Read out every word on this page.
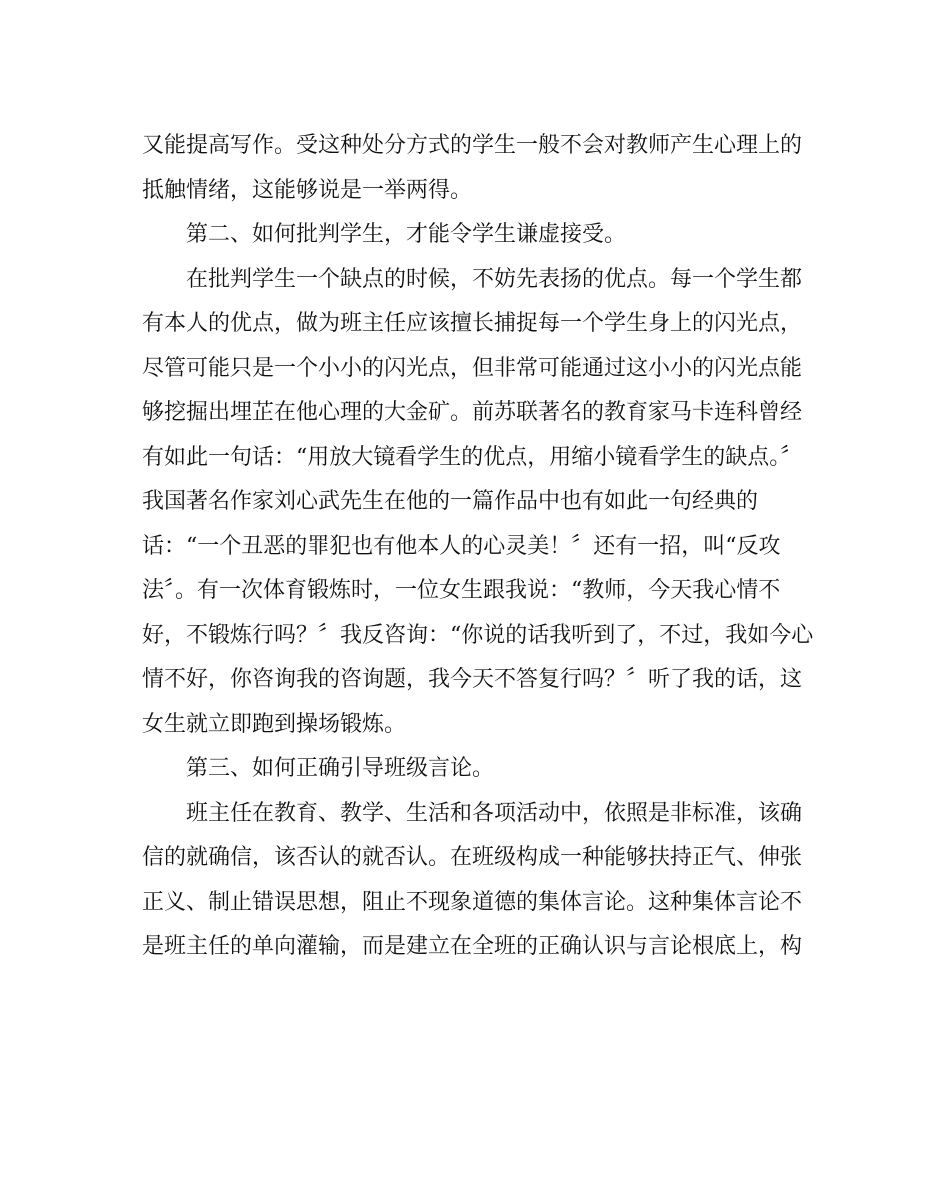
又能提高写作。受这种处分方式的学生一般不会对教师产生心理上的
抵触情绪，这能够说是一举两得。
第二、如何批判学生，才能令学生谦虚接受。
在批判学生一个缺点的时候，不妨先表扬的优点。每一个学生都
有本人的优点，做为班主任应该擅长捕捉每一个学生身上的闪光点，
尽管可能只是一个小小的闪光点，但非常可能通过这小小的闪光点能
够挖掘出埋芷在他心理的大金矿。前苏联著名的教育家马卡连科曾经
有如此一句话：“用放大镜看学生的优点，用缩小镜看学生的缺点。〞
我国著名作家刘心武先生在他的一篇作品中也有如此一句经典的
话：“一个丑恶的罪犯也有他本人的心灵美！〞还有一招，叫“反攻
法〞。有一次体育锻炼时，一位女生跟我说：“教师，今天我心情不
好，不锻炼行吗？〞我反咨询：“你说的话我听到了，不过，我如今心
情不好，你咨询我的咨询题，我今天不答复行吗？〞听了我的话，这
女生就立即跑到操场锻炼。
第三、如何正确引导班级言论。
班主任在教育、教学、生活和各项活动中，依照是非标准，该确
信的就确信，该否认的就否认。在班级构成一种能够扶持正气、伸张
正义、制止错误思想，阻止不现象道德的集体言论。这种集体言论不
是班主任的单向灌输，而是建立在全班的正确认识与言论根底上，构
